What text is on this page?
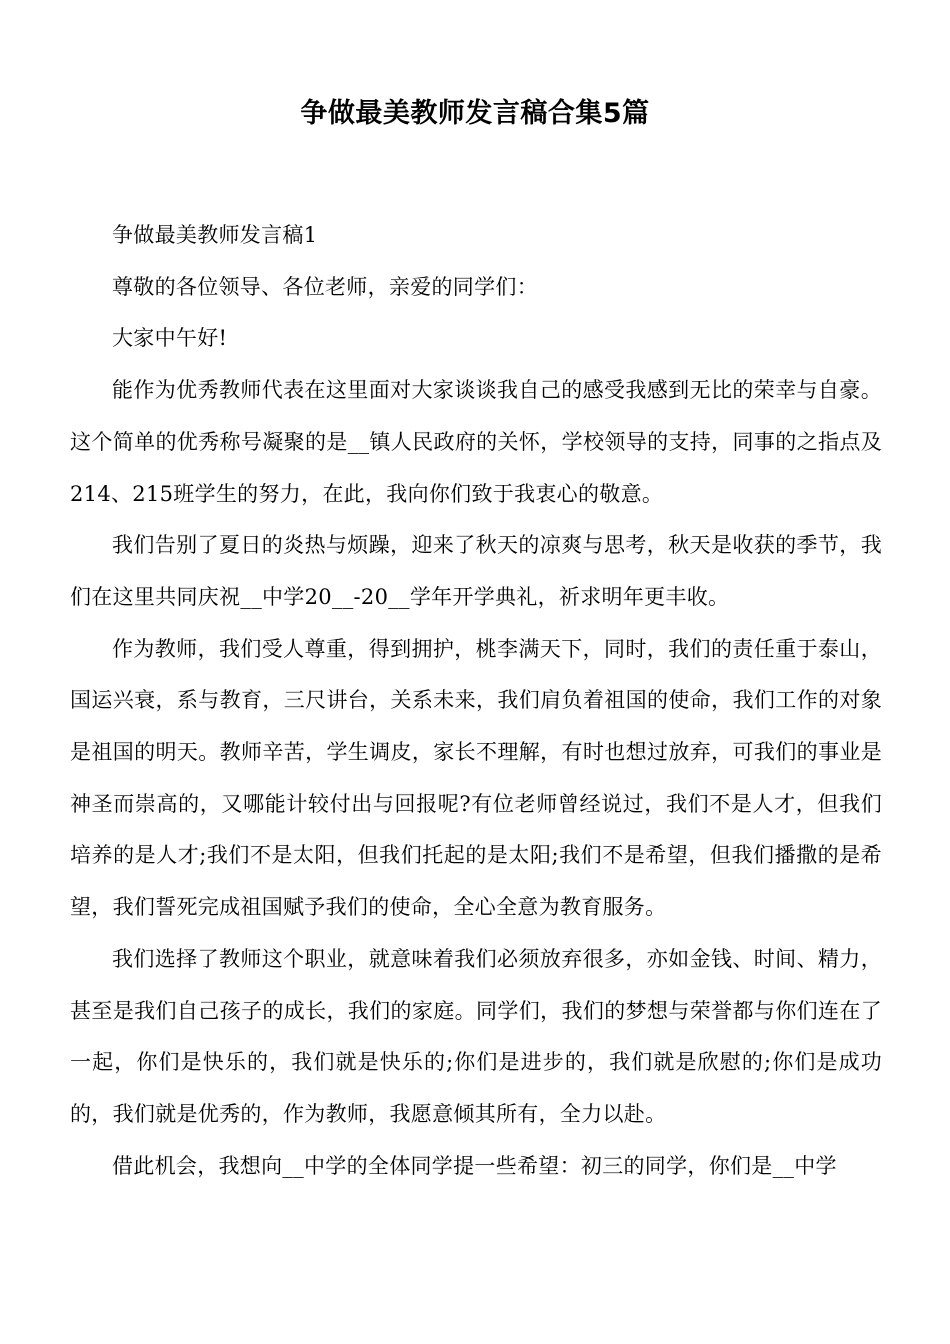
争做最美教师发言稿合集5篇

争做最美教师发言稿1

尊敬的各位领导、各位老师，亲爱的同学们：

大家中午好!

能作为优秀教师代表在这里面对大家谈谈我自己的感受我感到无比的荣幸与自豪。这个简单的优秀称号凝聚的是__镇人民政府的关怀，学校领导的支持，同事的之指点及214、215班学生的努力，在此，我向你们致于我衷心的敬意。

我们告别了夏日的炎热与烦躁，迎来了秋天的凉爽与思考，秋天是收获的季节，我们在这里共同庆祝__中学20__-20__学年开学典礼，祈求明年更丰收。

作为教师，我们受人尊重，得到拥护，桃李满天下，同时，我们的责任重于泰山，国运兴衰，系与教育，三尺讲台，关系未来，我们肩负着祖国的使命，我们工作的对象是祖国的明天。教师辛苦，学生调皮，家长不理解，有时也想过放弃，可我们的事业是神圣而崇高的，又哪能计较付出与回报呢?有位老师曾经说过，我们不是人才，但我们培养的是人才;我们不是太阳，但我们托起的是太阳;我们不是希望，但我们播撒的是希望，我们誓死完成祖国赋予我们的使命，全心全意为教育服务。

我们选择了教师这个职业，就意味着我们必须放弃很多，亦如金钱、时间、精力，甚至是我们自己孩子的成长，我们的家庭。同学们，我们的梦想与荣誉都与你们连在了一起，你们是快乐的，我们就是快乐的;你们是进步的，我们就是欣慰的;你们是成功的，我们就是优秀的，作为教师，我愿意倾其所有，全力以赴。

借此机会，我想向__中学的全体同学提一些希望：初三的同学，你们是__中学
